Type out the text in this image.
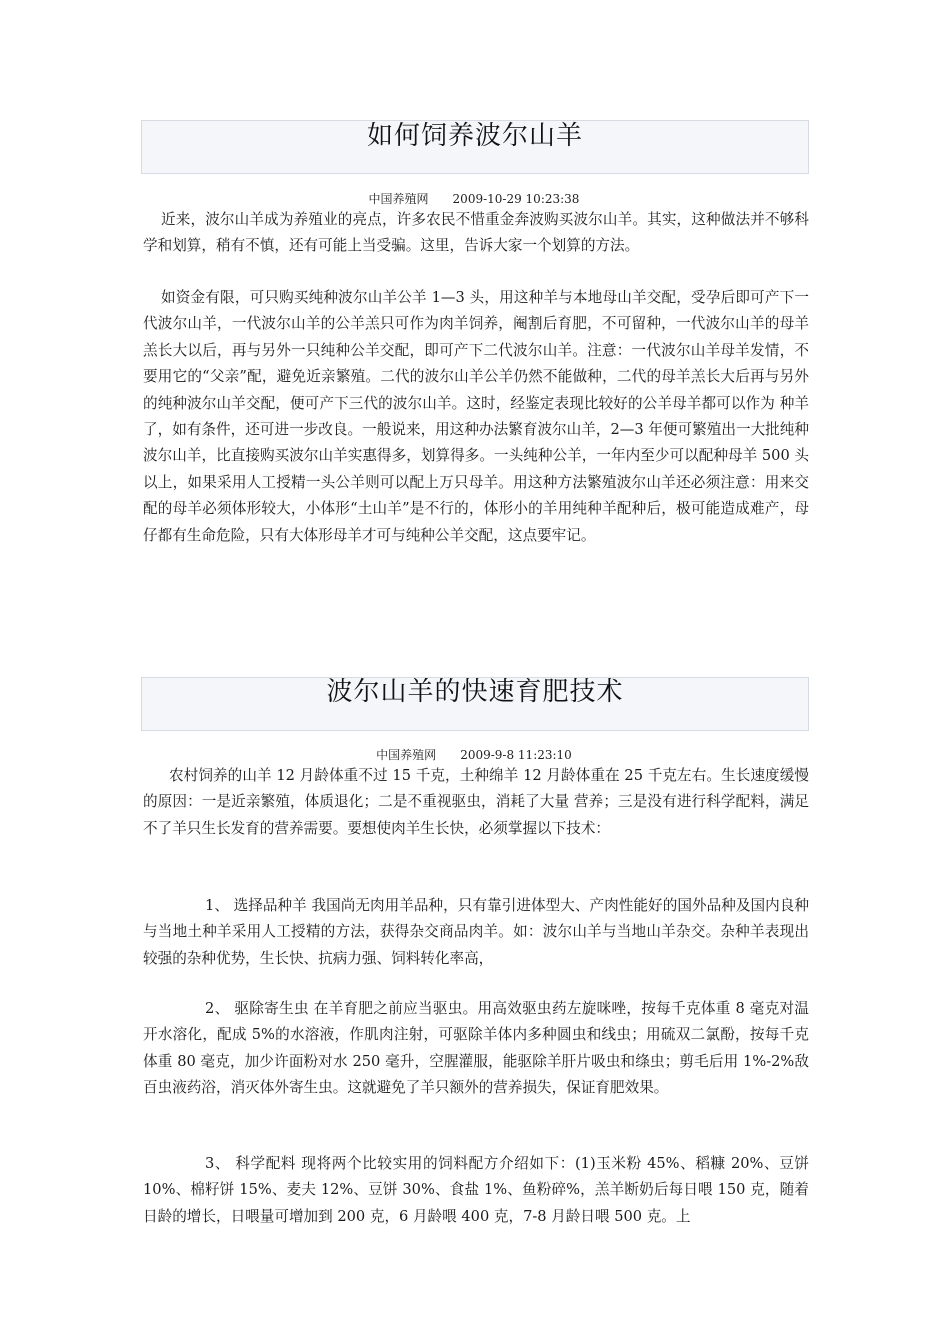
如何饲养波尔山羊
中国养殖网 2009-10-29 10:23:38

近来，波尔山羊成为养殖业的亮点，许多农民不惜重金奔波购买波尔山羊。其实，这种做法并不够科学和划算，稍有不慎，还有可能上当受骗。这里，告诉大家一个划算的方法。

如资金有限，可只购买纯种波尔山羊公羊 1—3 头，用这种羊与本地母山羊交配，受孕后即可产下一代波尔山羊，一代波尔山羊的公羊羔只可作为肉羊饲养，阉割后育肥，不可留种，一代波尔山羊的母羊羔长大以后，再与另外一只纯种公羊交配，即可产下二代波尔山羊。注意：一代波尔山羊母羊发情，不要用它的“父亲”配，避免近亲繁殖。二代的波尔山羊公羊仍然不能做种，二代的母羊羔长大后再与另外的纯种波尔山羊交配，便可产下三代的波尔山羊。这时，经鉴定表现比较好的公羊母羊都可以作为 种羊了，如有条件，还可进一步改良。一般说来，用这种办法繁育波尔山羊，2—3 年便可繁殖出一大批纯种波尔山羊，比直接购买波尔山羊实惠得多，划算得多。一头纯种公羊，一年内至少可以配种母羊 500 头以上，如果采用人工授精一头公羊则可以配上万只母羊。用这种方法繁殖波尔山羊还必须注意：用来交配的母羊必须体形较大，小体形“土山羊”是不行的，体形小的羊用纯种羊配种后，极可能造成难产，母仔都有生命危险，只有大体形母羊才可与纯种公羊交配，这点要牢记。

波尔山羊的快速育肥技术
中国养殖网 2009-9-8 11:23:10

农村饲养的山羊 12 月龄体重不过 15 千克，土种绵羊 12 月龄体重在 25 千克左右。生长速度缓慢的原因：一是近亲繁殖，体质退化；二是不重视驱虫，消耗了大量 营养；三是没有进行科学配料，满足不了羊只生长发育的营养需要。要想使肉羊生长快，必须掌握以下技术：

1、 选择品种羊 我国尚无肉用羊品种，只有靠引进体型大、产肉性能好的国外品种及国内良种与当地土种羊采用人工授精的方法，获得杂交商品肉羊。如：波尔山羊与当地山羊杂交。杂种羊表现出较强的杂种优势，生长快、抗病力强、饲料转化率高，

2、 驱除寄生虫 在羊育肥之前应当驱虫。用高效驱虫药左旋咪唑，按每千克体重 8 毫克对温开水溶化，配成 5%的水溶液，作肌肉注射，可驱除羊体内多种圆虫和线虫；用硫双二氯酚，按每千克体重 80 毫克，加少许面粉对水 250 毫升，空腥灌服，能驱除羊肝片吸虫和绦虫；剪毛后用 1%-2%敌百虫液药浴，消灭体外寄生虫。这就避免了羊只额外的营养损失，保证育肥效果。

3、 科学配料 现将两个比较实用的饲料配方介绍如下：(1)玉米粉 45%、稻糠 20%、豆饼 10%、棉籽饼 15%、麦夫 12%、豆饼 30%、食盐 1%、鱼粉碎%，羔羊断奶后每日喂 150 克，随着日龄的增长，日喂量可增加到 200 克，6 月龄喂 400 克，7-8 月龄日喂 500 克。上
